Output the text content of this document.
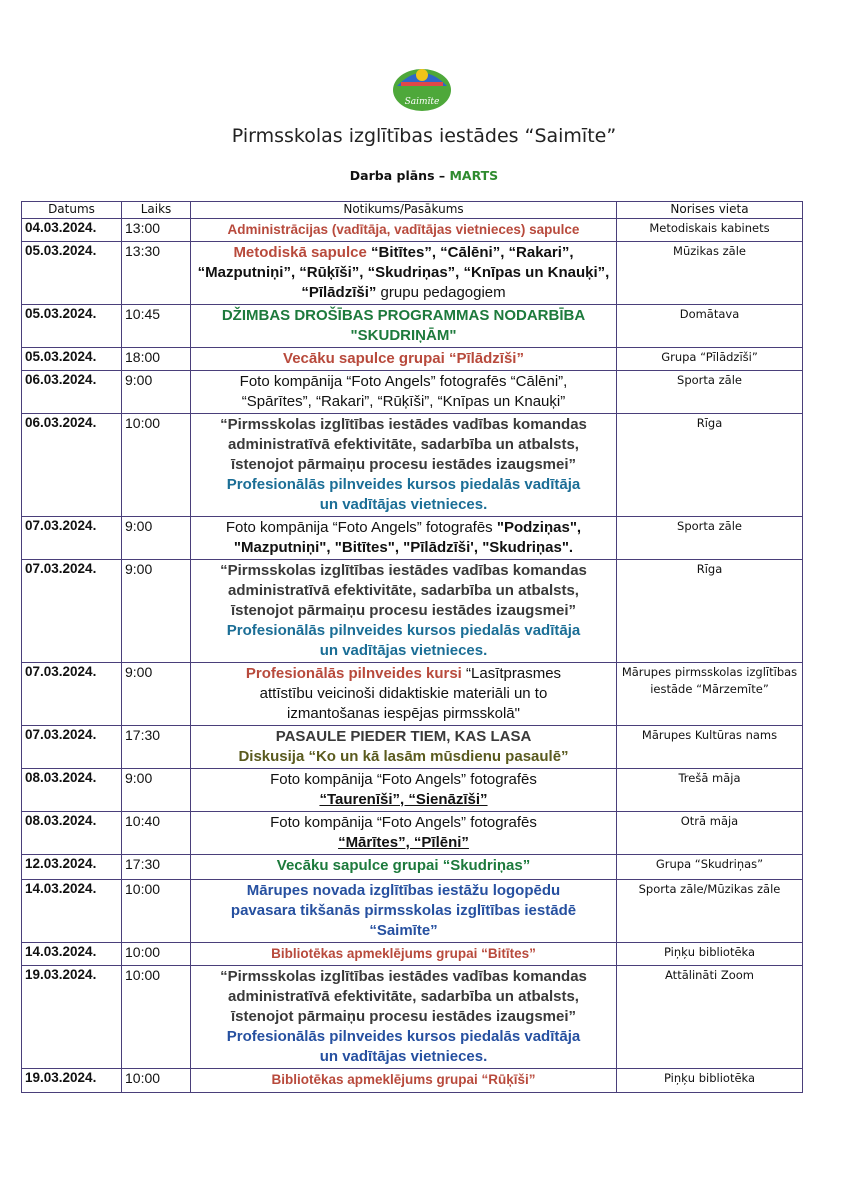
Saimīte
Pirmsskolas izglītības iestādes “Saimīte”
Darba plāns – MARTS
Datums	Laiks	Notikums/Pasākums	Norises vieta
04.03.2024.	13:00	Administrācijas (vadītāja, vadītājas vietnieces) sapulce	Metodiskais kabinets
05.03.2024.	13:30	Metodiskā sapulce “Bitītes”, “Cālēni”, “Rakari”,
“Mazputniņi”, “Rūķīši”, “Skudriņas”, “Knīpas un Knauķi”,
“Pīlādzīši” grupu pedagogiem	Mūzikas zāle
05.03.2024.	10:45	DŽIMBAS DROŠĪBAS PROGRAMMAS NODARBĪBA
"SKUDRIŅĀM"	Domātava
05.03.2024.	18:00	Vecāku sapulce grupai “Pīlādzīši”	Grupa “Pīlādzīši”
06.03.2024.	9:00	Foto kompānija “Foto Angels” fotografēs “Cālēni”,
“Spārītes”, “Rakari”, “Rūķīši”, “Knīpas un Knauķi”	Sporta zāle
06.03.2024.	10:00	“Pirmsskolas izglītības iestādes vadības komandas
administratīvā efektivitāte, sadarbība un atbalsts,
īstenojot pārmaiņu procesu iestādes izaugsmei”
Profesionālās pilnveides kursos piedalās vadītāja
un vadītājas vietnieces.	Rīga
07.03.2024.	9:00	Foto kompānija “Foto Angels” fotografēs "Podziņas",
"Mazputniņi", "Bitītes", "Pīlādzīši', "Skudriņas".	Sporta zāle
07.03.2024.	9:00	“Pirmsskolas izglītības iestādes vadības komandas
administratīvā efektivitāte, sadarbība un atbalsts,
īstenojot pārmaiņu procesu iestādes izaugsmei”
Profesionālās pilnveides kursos piedalās vadītāja
un vadītājas vietnieces.	Rīga
07.03.2024.	9:00	Profesionālās pilnveides kursi “Lasītprasmes
attīstību veicinoši didaktiskie materiāli un to
izmantošanas iespējas pirmsskolā"	Mārupes pirmsskolas izglītības iestāde “Mārzemīte”
07.03.2024.	17:30	PASAULE PIEDER TIEM, KAS LASA
Diskusija “Ko un kā lasām mūsdienu pasaulē”	Mārupes Kultūras nams
08.03.2024.	9:00	Foto kompānija “Foto Angels” fotografēs
“Taurenīši”, “Sienāzīši”	Trešā māja
08.03.2024.	10:40	Foto kompānija “Foto Angels” fotografēs
“Mārītes”, “Pīlēni”	Otrā māja
12.03.2024.	17:30	Vecāku sapulce grupai “Skudriņas”	Grupa “Skudriņas”
14.03.2024.	10:00	Mārupes novada izglītības iestāžu logopēdu
pavasara tikšanās pirmsskolas izglītības iestādē
“Saimīte”	Sporta zāle/Mūzikas zāle
14.03.2024.	10:00	Bibliotēkas apmeklējums grupai “Bitītes”	Piņķu bibliotēka
19.03.2024.	10:00	“Pirmsskolas izglītības iestādes vadības komandas
administratīvā efektivitāte, sadarbība un atbalsts,
īstenojot pārmaiņu procesu iestādes izaugsmei”
Profesionālās pilnveides kursos piedalās vadītāja
un vadītājas vietnieces.	Attālināti Zoom
19.03.2024.	10:00	Bibliotēkas apmeklējums grupai “Rūķīši”	Piņķu bibliotēka
